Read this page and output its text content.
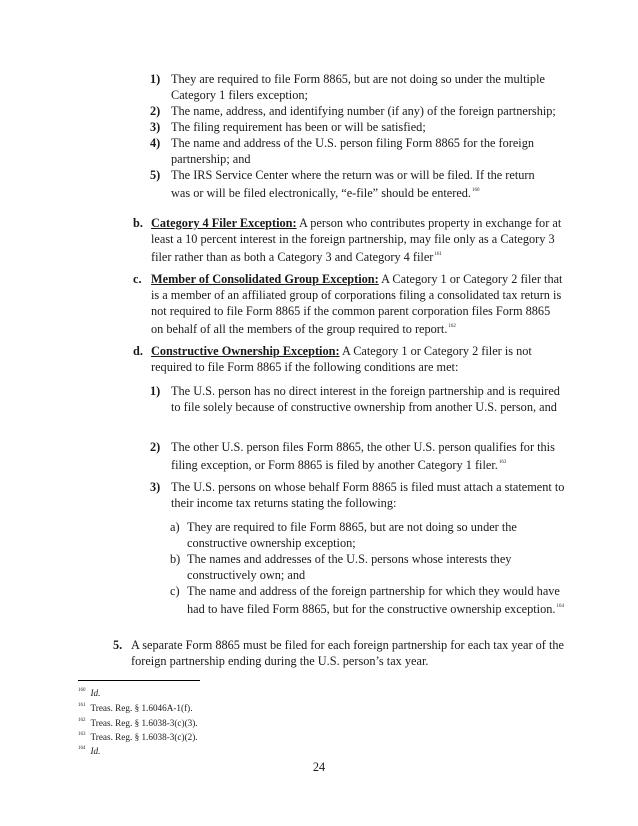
1) They are required to file Form 8865, but are not doing so under the multiple Category 1 filers exception;
2) The name, address, and identifying number (if any) of the foreign partnership;
3) The filing requirement has been or will be satisfied;
4) The name and address of the U.S. person filing Form 8865 for the foreign partnership; and
5) The IRS Service Center where the return was or will be filed. If the return was or will be filed electronically, “e-file” should be entered.$^{160}$
b. Category 4 Filer Exception: A person who contributes property in exchange for at least a 10 percent interest in the foreign partnership, may file only as a Category 3 filer rather than as both a Category 3 and Category 4 filer$^{161}$
c. Member of Consolidated Group Exception: A Category 1 or Category 2 filer that is a member of an affiliated group of corporations filing a consolidated tax return is not required to file Form 8865 if the common parent corporation files Form 8865 on behalf of all the members of the group required to report.$^{162}$
d. Constructive Ownership Exception: A Category 1 or Category 2 filer is not required to file Form 8865 if the following conditions are met:
1) The U.S. person has no direct interest in the foreign partnership and is required to file solely because of constructive ownership from another U.S. person, and
2) The other U.S. person files Form 8865, the other U.S. person qualifies for this filing exception, or Form 8865 is filed by another Category 1 filer.$^{163}$
3) The U.S. persons on whose behalf Form 8865 is filed must attach a statement to their income tax returns stating the following:
a) They are required to file Form 8865, but are not doing so under the constructive ownership exception;
b) The names and addresses of the U.S. persons whose interests they constructively own; and
c) The name and address of the foreign partnership for which they would have had to have filed Form 8865, but for the constructive ownership exception.$^{164}$
5. A separate Form 8865 must be filed for each foreign partnership for each tax year of the foreign partnership ending during the U.S. person’s tax year.
$^{160}$ Id.
$^{161}$ Treas. Reg. § 1.6046A-1(f).
$^{162}$ Treas. Reg. § 1.6038-3(c)(3).
$^{163}$ Treas. Reg. § 1.6038-3(c)(2).
$^{164}$ Id.
24
